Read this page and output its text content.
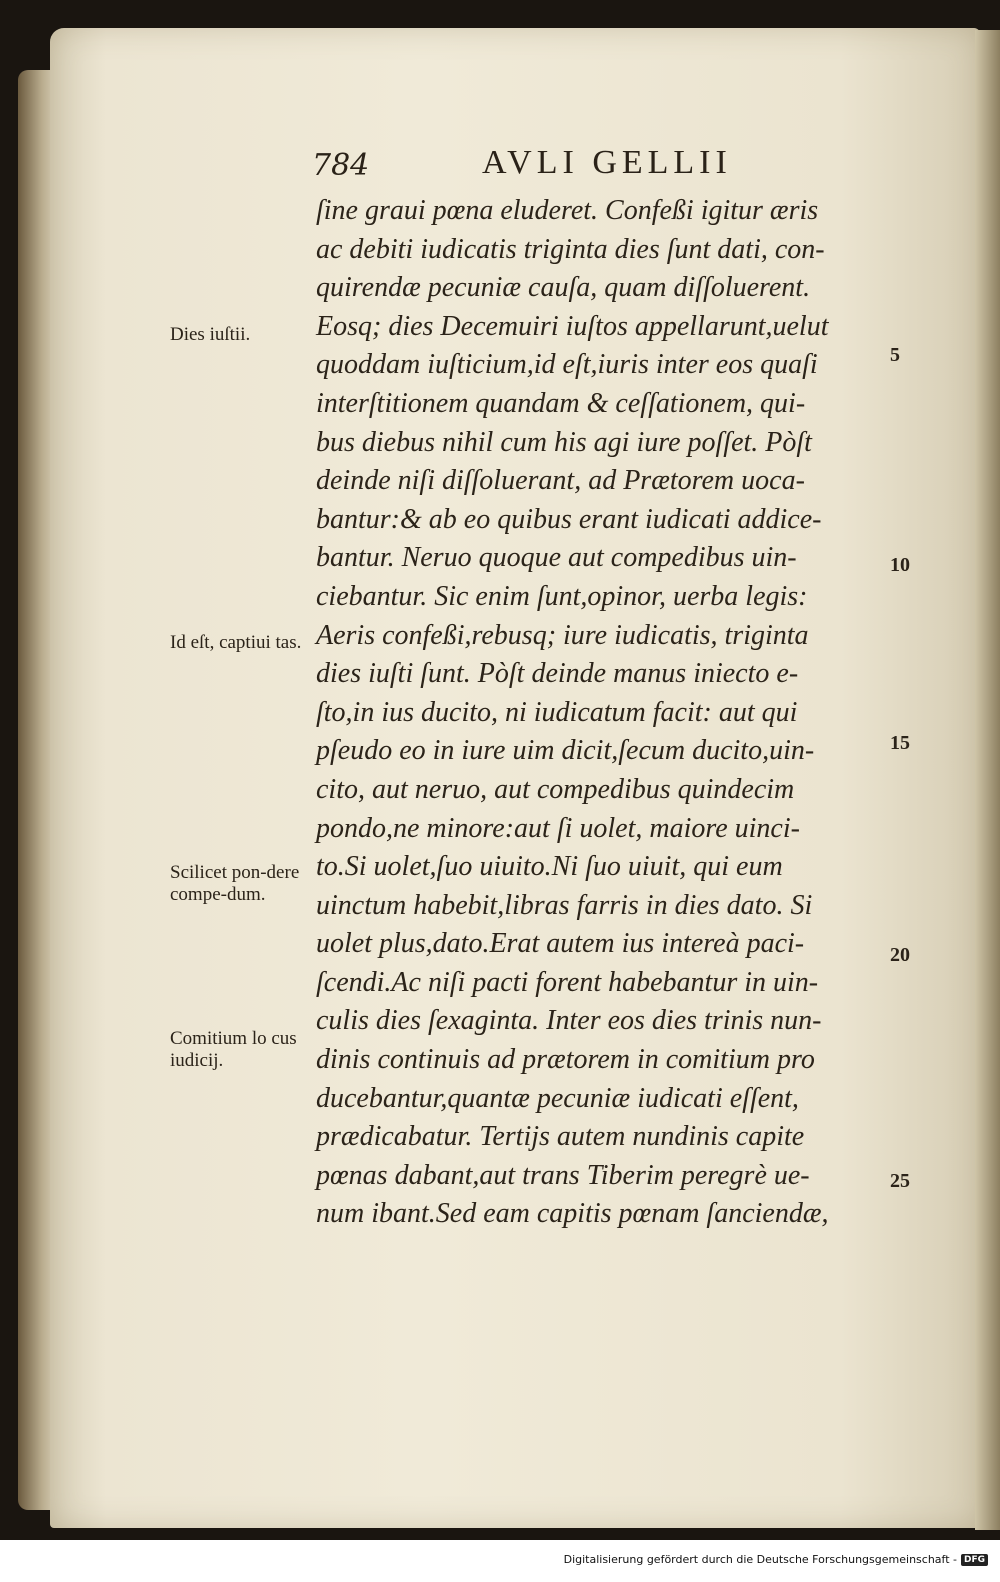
784	AVLI GELLII
ſine graui pœna eluderet. Confeßi igitur æris
ac debiti iudicatis triginta dies ſunt dati, con-
quirendæ pecuniæ cauſa, quam diſſoluerent.
Eosq; dies Decemuiri iuſtos appellarunt,uelut
quoddam iuſticium,id eſt,iuris inter eos quaſi
interſtitionem quandam & ceſſationem, qui-
bus diebus nihil cum his agi iure poſſet. Pòſt
deinde niſi diſſoluerant, ad Prætorem uoca-
bantur:& ab eo quibus erant iudicati addice-
bantur. Neruo quoque aut compedibus uin-
ciebantur. Sic enim ſunt,opinor, uerba legis:
Aeris confeßi,rebusq; iure iudicatis, triginta
dies iuſti ſunt. Pòſt deinde manus iniecto e-
ſto,in ius ducito, ni iudicatum facit: aut qui
pſeudo eo in iure uim dicit,ſecum ducito,uin-
cito, aut neruo, aut compedibus quindecim
pondo,ne minore:aut ſi uolet, maiore uinci-
to.Si uolet,ſuo uiuito.Ni ſuo uiuit, qui eum
uinctum habebit,libras farris in dies dato. Si
uolet plus,dato.Erat autem ius intereà paci-
ſcendi.Ac niſi pacti forent habebantur in uin-
culis dies ſexaginta. Inter eos dies trinis nun-
dinis continuis ad prætorem in comitium pro
ducebantur,quantæ pecuniæ iudicati eſſent,
prædicabatur. Tertijs autem nundinis capite
pœnas dabant,aut trans Tiberim peregrè ue-
num ibant.Sed eam capitis pœnam ſanciendæ,
Dies iuſtii.
Id eſt, captiui tas.
Scilicet pon-dere compe-dum.
Comitium lo cus iudicij.
5
10
15
20
25
Digitalisierung gefördert durch die Deutsche Forschungsgemeinschaft - DFG
